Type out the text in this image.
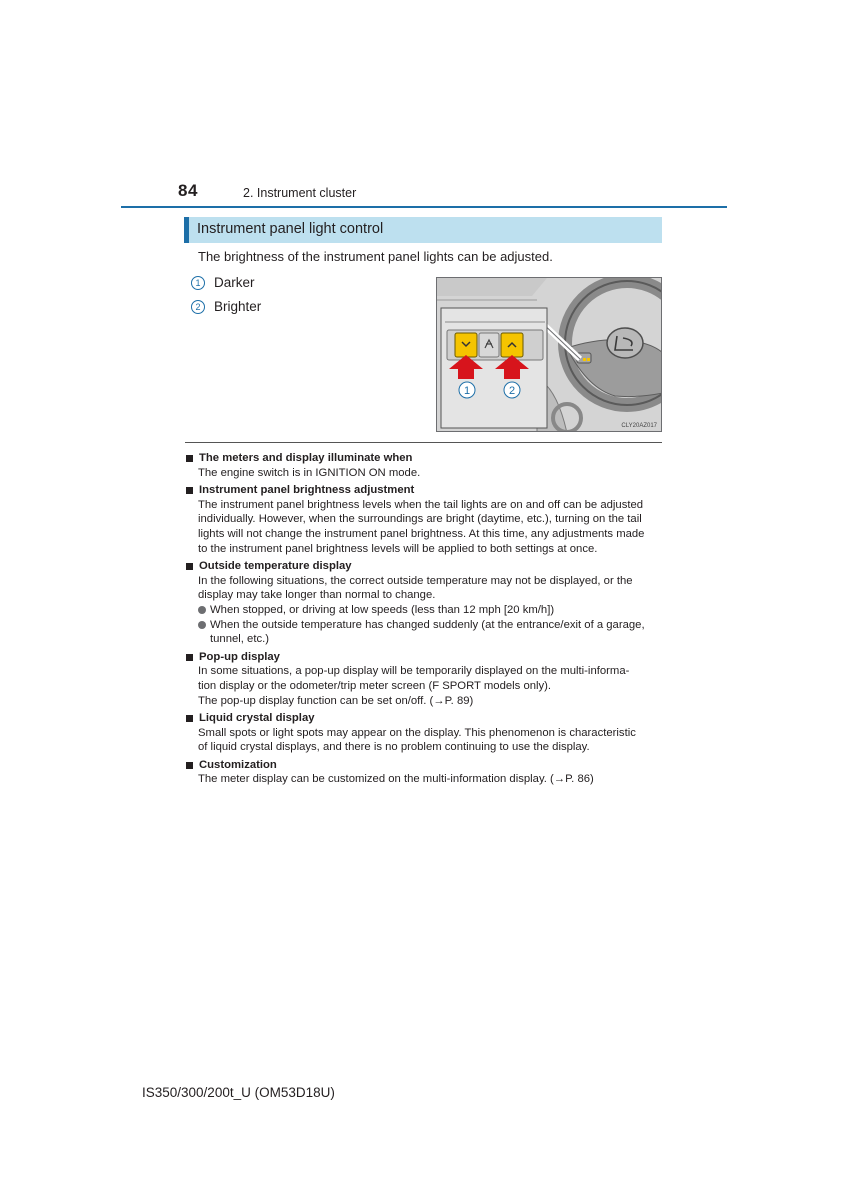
84	2. Instrument cluster
Instrument panel light control
The brightness of the instrument panel lights can be adjusted.
1	Darker
2	Brighter
1	2
CLY20AZ017
The meters and display illuminate when
The engine switch is in IGNITION ON mode.
Instrument panel brightness adjustment
The instrument panel brightness levels when the tail lights are on and off can be adjusted
individually. However, when the surroundings are bright (daytime, etc.), turning on the tail
lights will not change the instrument panel brightness. At this time, any adjustments made
to the instrument panel brightness levels will be applied to both settings at once.
Outside temperature display
In the following situations, the correct outside temperature may not be displayed, or the
display may take longer than normal to change.
When stopped, or driving at low speeds (less than 12 mph [20 km/h])
When the outside temperature has changed suddenly (at the entrance/exit of a garage,
tunnel, etc.)
Pop-up display
In some situations, a pop-up display will be temporarily displayed on the multi-informa-
tion display or the odometer/trip meter screen (F SPORT models only).
The pop-up display function can be set on/off. (→P. 89)
Liquid crystal display
Small spots or light spots may appear on the display. This phenomenon is characteristic
of liquid crystal displays, and there is no problem continuing to use the display.
Customization
The meter display can be customized on the multi-information display. (→P. 86)
IS350/300/200t_U (OM53D18U)
